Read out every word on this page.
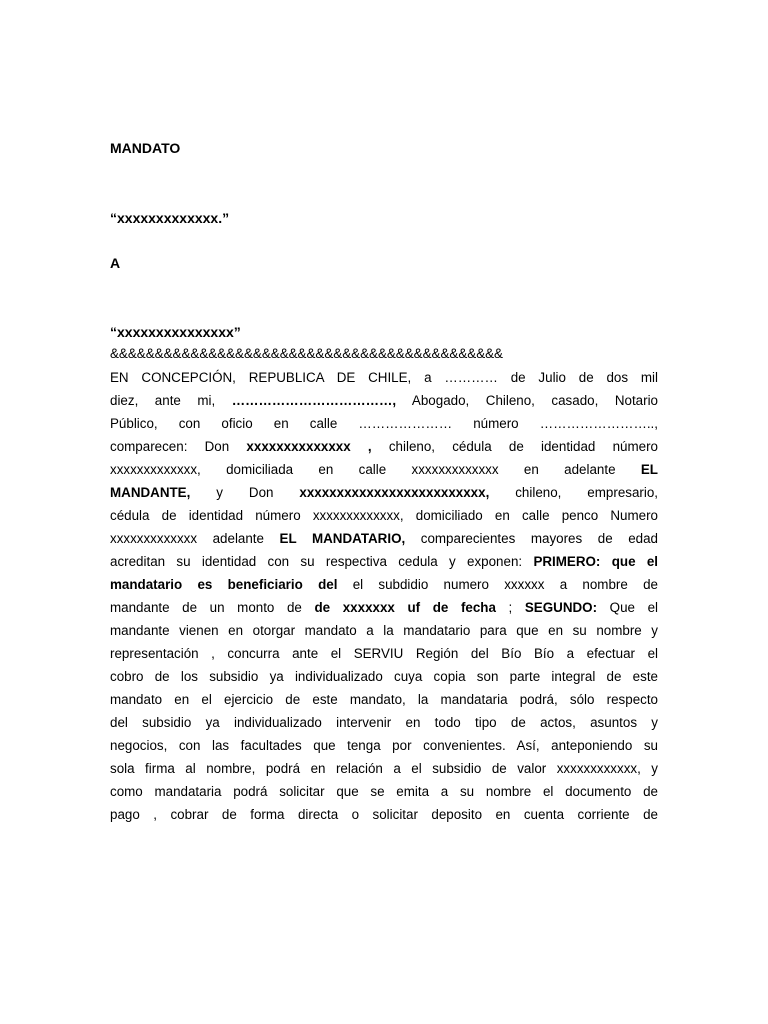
MANDATO
“xxxxxxxxxxxxx.”
A
“xxxxxxxxxxxxxxx”
&&&&&&&&&&&&&&&&&&&&&&&&&&&&&&&&&&&&&&&&&&&&
EN CONCEPCIÓN, REPUBLICA DE CHILE, a ………… de Julio de dos mil
diez, ante mi, ………………………………, Abogado, Chileno, casado, Notario
Público, con oficio en calle ………………… número ……………………..,
comparecen: Don xxxxxxxxxxxxxx , chileno, cédula de identidad número
xxxxxxxxxxxxx, domiciliada en calle xxxxxxxxxxxxx en adelante EL
MANDANTE, y Don xxxxxxxxxxxxxxxxxxxxxxxxx, chileno, empresario,
cédula de identidad número xxxxxxxxxxxxx, domiciliado en calle penco Numero
xxxxxxxxxxxxx adelante EL MANDATARIO, comparecientes mayores de edad
acreditan su identidad con su respectiva cedula y exponen: PRIMERO: que el
mandatario es beneficiario del el subdidio numero xxxxxx a nombre de
mandante de un monto de de xxxxxxx uf de fecha ; SEGUNDO: Que el
mandante vienen en otorgar mandato a la mandatario para que en su nombre y
representación , concurra ante el SERVIU Región del Bío Bío a efectuar el
cobro de los subsidio ya individualizado cuya copia son parte integral de este
mandato en el ejercicio de este mandato, la mandataria podrá, sólo respecto
del subsidio ya individualizado intervenir en todo tipo de actos, asuntos y
negocios, con las facultades que tenga por convenientes. Así, anteponiendo su
sola firma al nombre, podrá en relación a el subsidio de valor xxxxxxxxxxxx, y
como mandataria podrá solicitar que se emita a su nombre el documento de
pago , cobrar de forma directa o solicitar deposito en cuenta corriente de
